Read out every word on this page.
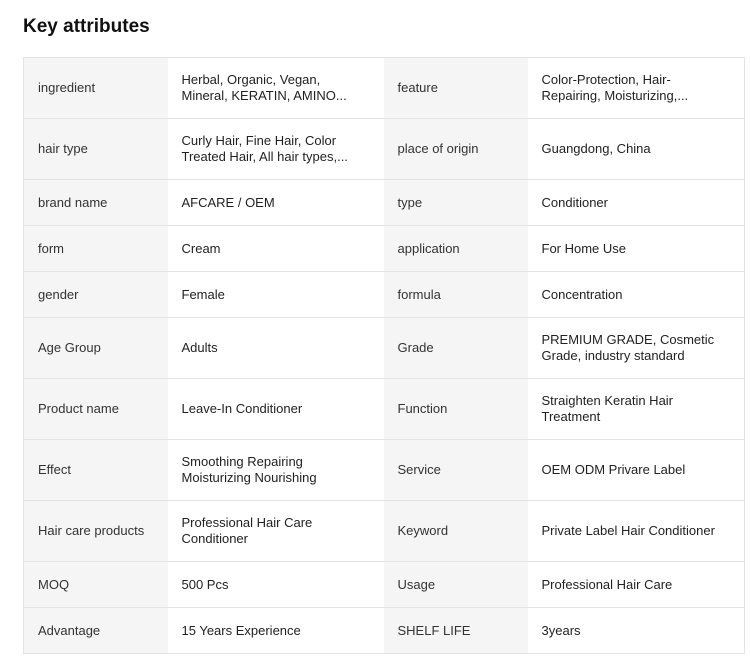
Key attributes
ingredient	Herbal, Organic, Vegan, Mineral, KERATIN, AMINO...	feature	Color-Protection, Hair-Repairing, Moisturizing,...
hair type	Curly Hair, Fine Hair, Color Treated Hair, All hair types,...	place of origin	Guangdong, China
brand name	AFCARE / OEM	type	Conditioner
form	Cream	application	For Home Use
gender	Female	formula	Concentration
Age Group	Adults	Grade	PREMIUM GRADE, Cosmetic Grade, industry standard
Product name	Leave-In Conditioner	Function	Straighten Keratin Hair Treatment
Effect	Smoothing Repairing Moisturizing Nourishing	Service	OEM ODM Privare Label
Hair care products	Professional Hair Care Conditioner	Keyword	Private Label Hair Conditioner
MOQ	500 Pcs	Usage	Professional Hair Care
Advantage	15 Years Experience	SHELF LIFE	3years
